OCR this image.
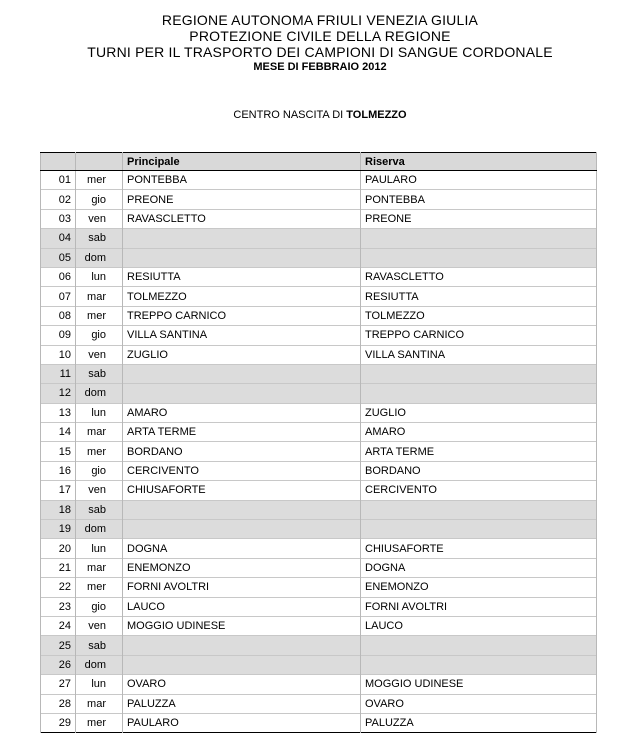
REGIONE AUTONOMA FRIULI VENEZIA GIULIA
PROTEZIONE CIVILE DELLA REGIONE
TURNI PER IL TRASPORTO DEI CAMPIONI DI SANGUE CORDONALE
MESE DI FEBBRAIO 2012
CENTRO NASCITA DI TOLMEZZO
		Principale	Riserva
01	mer	PONTEBBA	PAULARO
02	gio	PREONE	PONTEBBA
03	ven	RAVASCLETTO	PREONE
04	sab		
05	dom		
06	lun	RESIUTTA	RAVASCLETTO
07	mar	TOLMEZZO	RESIUTTA
08	mer	TREPPO CARNICO	TOLMEZZO
09	gio	VILLA SANTINA	TREPPO CARNICO
10	ven	ZUGLIO	VILLA SANTINA
11	sab		
12	dom		
13	lun	AMARO	ZUGLIO
14	mar	ARTA TERME	AMARO
15	mer	BORDANO	ARTA TERME
16	gio	CERCIVENTO	BORDANO
17	ven	CHIUSAFORTE	CERCIVENTO
18	sab		
19	dom		
20	lun	DOGNA	CHIUSAFORTE
21	mar	ENEMONZO	DOGNA
22	mer	FORNI AVOLTRI	ENEMONZO
23	gio	LAUCO	FORNI AVOLTRI
24	ven	MOGGIO UDINESE	LAUCO
25	sab		
26	dom		
27	lun	OVARO	MOGGIO UDINESE
28	mar	PALUZZA	OVARO
29	mer	PAULARO	PALUZZA
